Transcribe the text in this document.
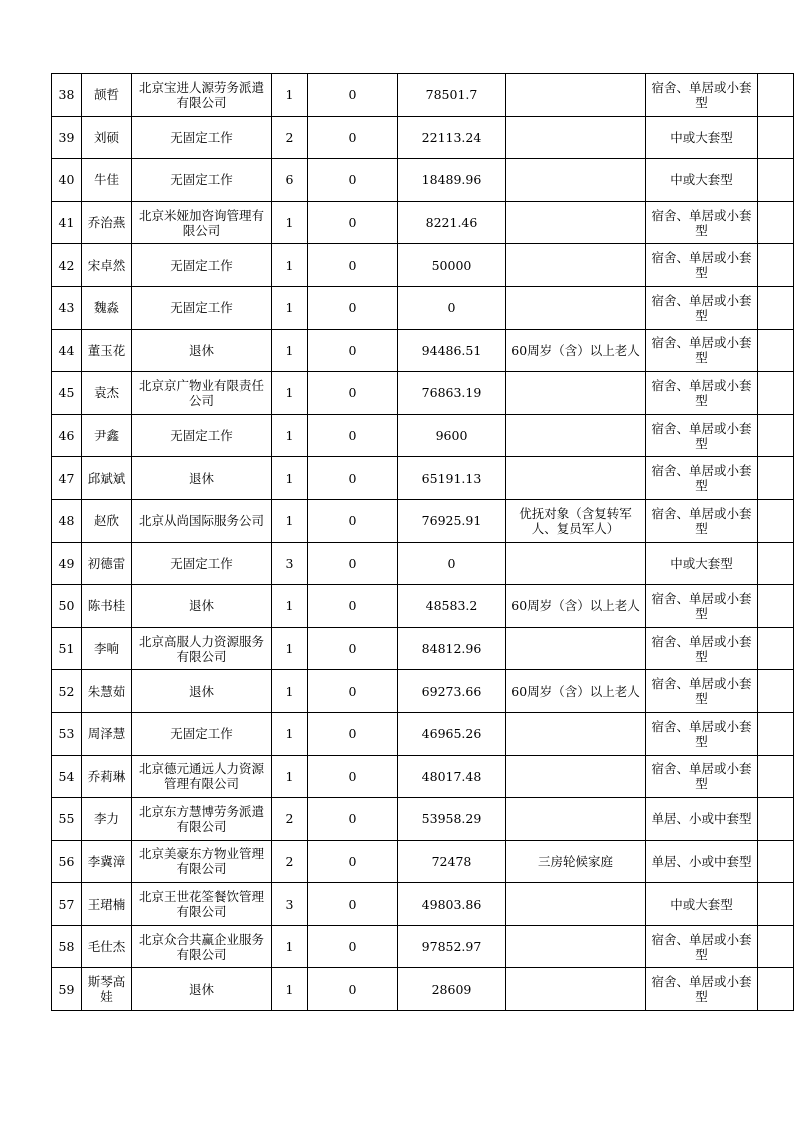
38	颉哲	北京宝进人源劳务派遣有限公司	1	0	78501.7		宿舍、单居或小套型	
39	刘硕	无固定工作	2	0	22113.24		中或大套型	
40	牛佳	无固定工作	6	0	18489.96		中或大套型	
41	乔治燕	北京米娅加咨询管理有限公司	1	0	8221.46		宿舍、单居或小套型	
42	宋卓然	无固定工作	1	0	50000		宿舍、单居或小套型	
43	魏淼	无固定工作	1	0	0		宿舍、单居或小套型	
44	董玉花	退休	1	0	94486.51	60周岁（含）以上老人	宿舍、单居或小套型	
45	袁杰	北京京广物业有限责任公司	1	0	76863.19		宿舍、单居或小套型	
46	尹鑫	无固定工作	1	0	9600		宿舍、单居或小套型	
47	邱斌斌	退休	1	0	65191.13		宿舍、单居或小套型	
48	赵欣	北京从尚国际服务公司	1	0	76925.91	优抚对象（含复转军人、复员军人）	宿舍、单居或小套型	
49	初德雷	无固定工作	3	0	0		中或大套型	
50	陈书桂	退休	1	0	48583.2	60周岁（含）以上老人	宿舍、单居或小套型	
51	李响	北京高服人力资源服务有限公司	1	0	84812.96		宿舍、单居或小套型	
52	朱慧茹	退休	1	0	69273.66	60周岁（含）以上老人	宿舍、单居或小套型	
53	周泽慧	无固定工作	1	0	46965.26		宿舍、单居或小套型	
54	乔莉琳	北京德元通远人力资源管理有限公司	1	0	48017.48		宿舍、单居或小套型	
55	李力	北京东方慧博劳务派遣有限公司	2	0	53958.29		单居、小或中套型	
56	李冀漳	北京美豪东方物业管理有限公司	2	0	72478	三房轮候家庭	单居、小或中套型	
57	王珺楠	北京王世花筌餐饮管理有限公司	3	0	49803.86		中或大套型	
58	毛仕杰	北京众合共赢企业服务有限公司	1	0	97852.97		宿舍、单居或小套型	
59	斯琴高娃	退休	1	0	28609		宿舍、单居或小套型	
